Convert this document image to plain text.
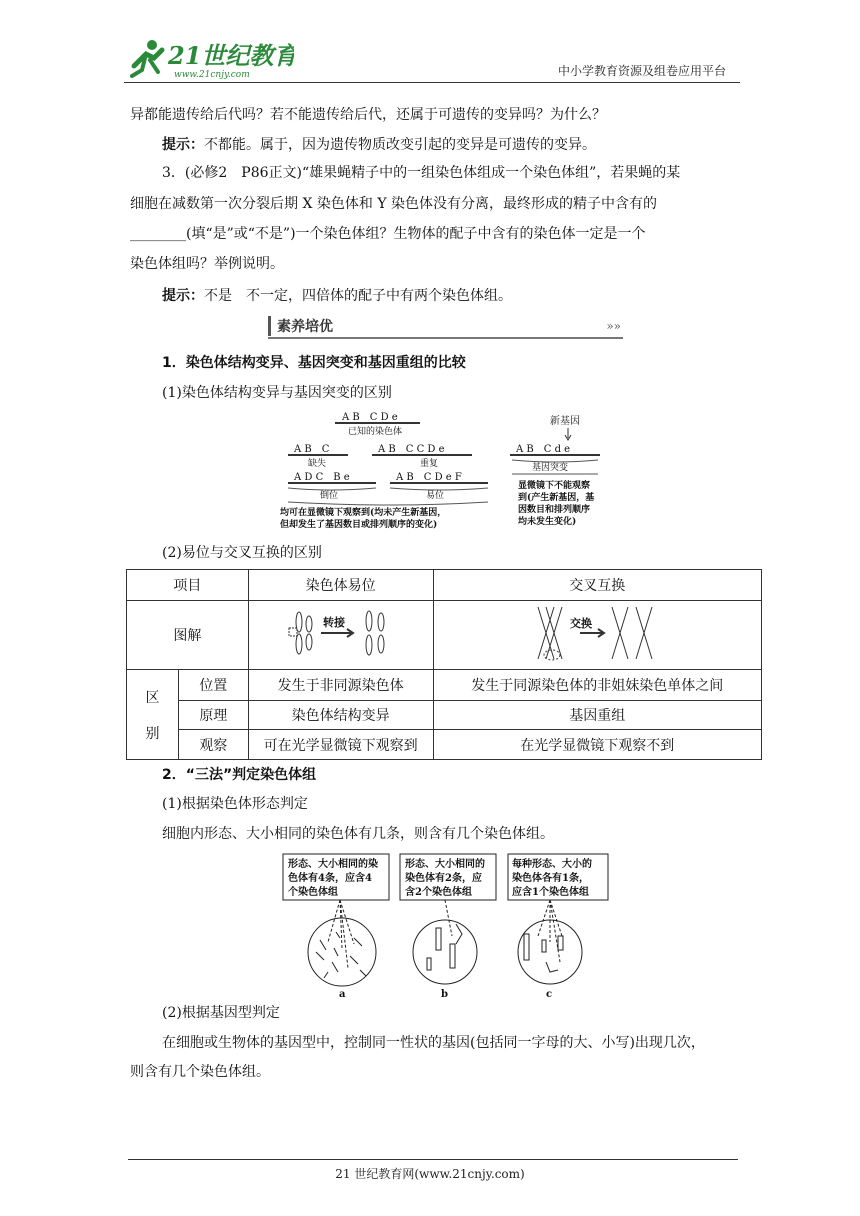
21世纪教育
www.21cnjy.com	中小学教育资源及组卷应用平台
异都能遗传给后代吗？若不能遗传给后代，还属于可遗传的变异吗？为什么？
提示：不都能。属于，因为遗传物质改变引起的变异是可遗传的变异。
3．(必修2　P86正文)“雄果蝇精子中的一组染色体组成一个染色体组”，若果蝇的某
细胞在减数第一次分裂后期 X 染色体和 Y 染色体没有分离，最终形成的精子中含有的
________(填“是”或“不是”)一个染色体组？生物体的配子中含有的染色体一定是一个
染色体组吗？举例说明。
提示：不是　不一定，四倍体的配子中有两个染色体组。
素养培优	»»
1．染色体结构变异、基因突变和基因重组的比较
(1)染色体结构变异与基因突变的区别
A B　C D e
已知的染色体
A B　C
缺失
A B　C C D e
重复
A D C　B e
倒位
A B　C D e F
易位
均可在显微镜下观察到(均未产生新基因，
但却发生了基因数目或排列顺序的变化)
新基因
A B　C d e
基因突变
显微镜下不能观察
到(产生新基因，基
因数目和排列顺序
均未发生变化)
(2)易位与交叉互换的区别
项目		染色体易位	交叉互换
图解		转接	交换

区

别	位置	发生于非同源染色体	发生于同源染色体的非姐妹染色单体之间
	原理	染色体结构变异	基因重组
	观察	可在光学显微镜下观察到	在光学显微镜下观察不到
2．“三法”判定染色体组
(1)根据染色体形态判定
细胞内形态、大小相同的染色体有几条，则含有几个染色体组。
形态、大小相同的染
色体有4条，应含4
个染色体组
形态、大小相同的
染色体有2条，应
含2个染色体组
每种形态、大小的
染色体各有1条，
应含1个染色体组
a	b	c
(2)根据基因型判定
在细胞或生物体的基因型中，控制同一性状的基因(包括同一字母的大、小写)出现几次，
则含有几个染色体组。
21 世纪教育网(www.21cnjy.com)
